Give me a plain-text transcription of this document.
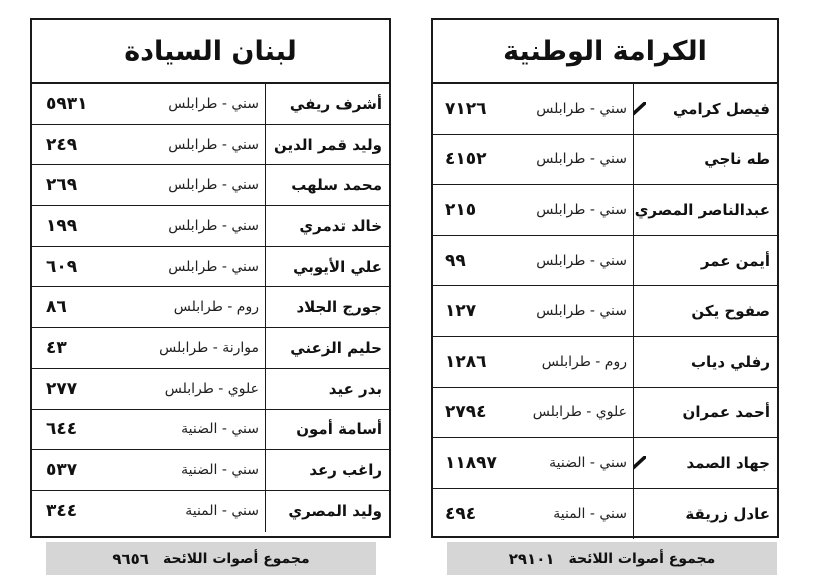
لبنان السيادة
أشرف ريفي
سني - طرابلس
٥٩٣١
وليد قمر الدين
سني - طرابلس
٢٤٩
محمد سلهب
سني - طرابلس
٢٦٩
خالد تدمري
سني - طرابلس
١٩٩
علي الأيوبي
سني - طرابلس
٦٠٩
جورج الجلاد
روم - طرابلس
٨٦
حليم الزعني
موارنة - طرابلس
٤٣
بدر عيد
علوي - طرابلس
٢٧٧
أسامة أمون
سني - الضنية
٦٤٤
راغب رعد
سني - الضنية
٥٣٧
وليد المصري
سني - المنية
٣٤٤
الكرامة الوطنية
فيصل كرامي
سني - طرابلس
٧١٢٦
طه ناجي
سني - طرابلس
٤١٥٢
عبدالناصر المصري
سني - طرابلس
٢١٥
أيمن عمر
سني - طرابلس
٩٩
صفوح يكن
سني - طرابلس
١٢٧
رفلي دياب
روم - طرابلس
١٢٨٦
أحمد عمران
علوي - طرابلس
٢٧٩٤
جهاد الصمد
سني - الضنية
١١٨٩٧
عادل زريقة
سني - المنية
٤٩٤
مجموع أصوات اللائحة
٩٦٥٦	مجموع أصوات اللائحة
٢٩١٠١
